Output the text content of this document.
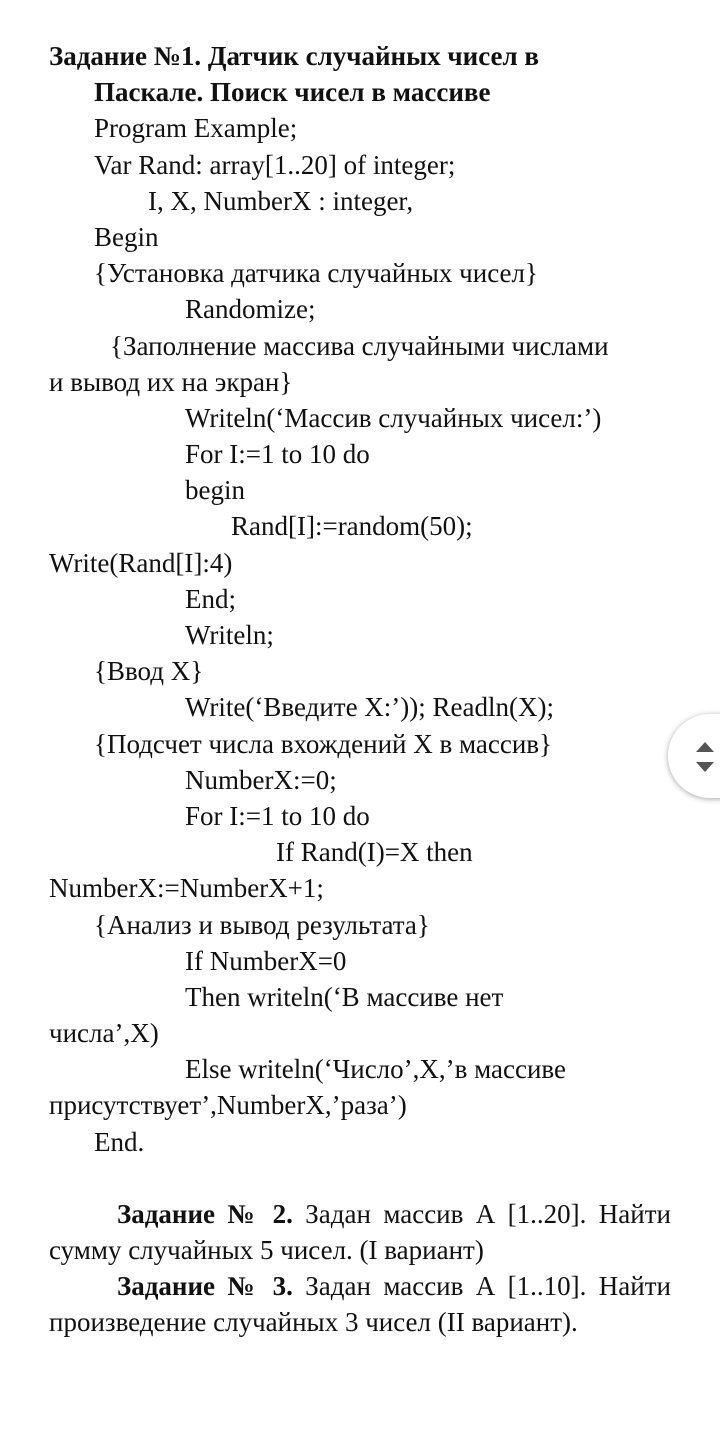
Задание №1. Датчик случайных чисел в
Паскале. Поиск чисел в массиве
Program Example;
Var Rand: array[1..20] of integer;
I, X, NumberX : integer,
Begin
{Установка датчика случайных чисел}
Randomize;
{Заполнение массива случайными числами
и вывод их на экран}
Writeln(‘Массив случайных чисел:’)
For I:=1 to 10 do
begin
Rand[I]:=random(50);
Write(Rand[I]:4)
End;
Writeln;
{Ввод X}
Write(‘Введите X:’)); Readln(X);
{Подсчет числа вхождений X в массив}
NumberX:=0;
For I:=1 to 10 do
If Rand(I)=X then
NumberX:=NumberX+1;
{Анализ и вывод результата}
If NumberX=0
Then writeln(‘В массиве нет
числа’,X)
Else writeln(‘Число’,X,’в массиве
присутствует’,NumberX,’раза’)
End.
Задание № 2. Задан массив А [1..20]. Найти сумму случайных 5 чисел. (I вариант)
Задание № 3. Задан массив А [1..10]. Найти произведение случайных 3 чисел (II вариант).
